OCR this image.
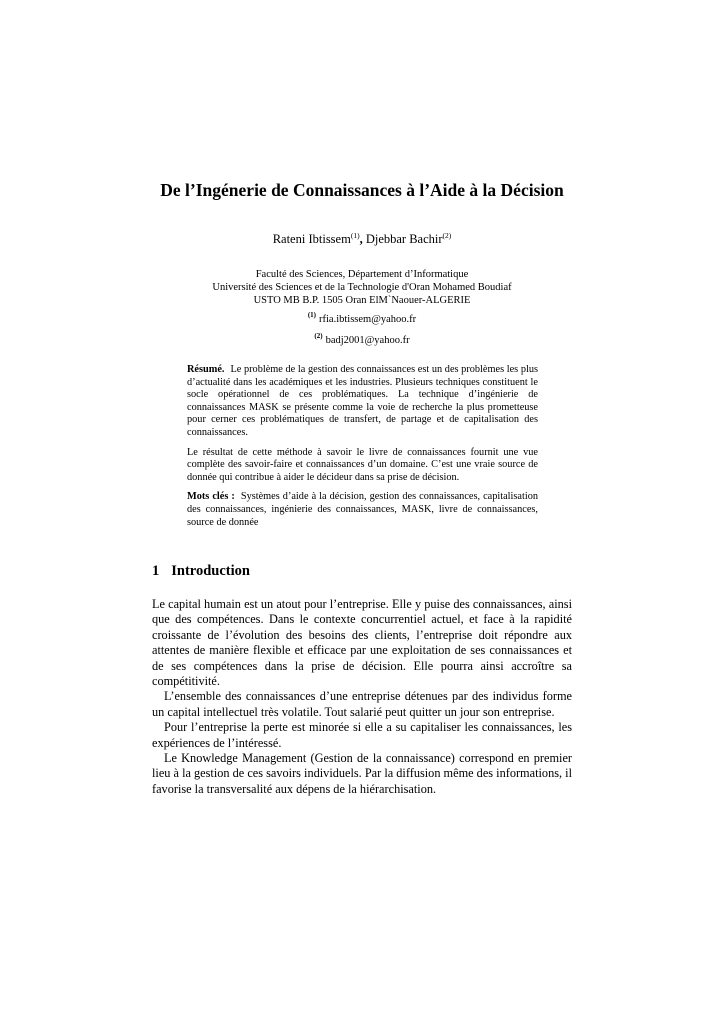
De l’Ingénerie de Connaissances à l’Aide à la Décision
Rateni Ibtissem$^{(1)}$, Djebbar Bachir$^{(2)}$
Faculté des Sciences, Département d’Informatique
Université des Sciences et de la Technologie d'Oran Mohamed Boudiaf
USTO MB B.P. 1505 Oran ElM`Naouer-ALGERIE
$^{(1)}$ rfia.ibtissem@yahoo.fr
$^{(2)}$ badj2001@yahoo.fr

Résumé. Le problème de la gestion des connaissances est un des problèmes les plus d’actualité dans les académiques et les industries. Plusieurs techniques constituent le socle opérationnel de ces problématiques. La technique d’ingénierie de connaissances MASK se présente comme la voie de recherche la plus prometteuse pour cerner ces problématiques de transfert, de partage et de capitalisation des connaissances.

Le résultat de cette méthode à savoir le livre de connaissances fournit une vue complète des savoir-faire et connaissances d’un domaine. C’est une vraie source de donnée qui contribue à aider le décideur dans sa prise de décision.

Mots clés : Systèmes d’aide à la décision, gestion des connaissances, capitalisation des connaissances, ingénierie des connaissances, MASK, livre de connaissances, source de donnée

1 Introduction

Le capital humain est un atout pour l’entreprise. Elle y puise des connaissances, ainsi que des compétences. Dans le contexte concurrentiel actuel, et face à la rapidité croissante de l’évolution des besoins des clients, l’entreprise doit répondre aux attentes de manière flexible et efficace par une exploitation de ses connaissances et de ses compétences dans la prise de décision. Elle pourra ainsi accroître sa compétitivité.

L’ensemble des connaissances d’une entreprise détenues par des individus forme un capital intellectuel très volatile. Tout salarié peut quitter un jour son entreprise.

Pour l’entreprise la perte est minorée si elle a su capitaliser les connaissances, les expériences de l’intéressé.

Le Knowledge Management (Gestion de la connaissance) correspond en premier lieu à la gestion de ces savoirs individuels. Par la diffusion même des informations, il favorise la transversalité aux dépens de la hiérarchisation.
